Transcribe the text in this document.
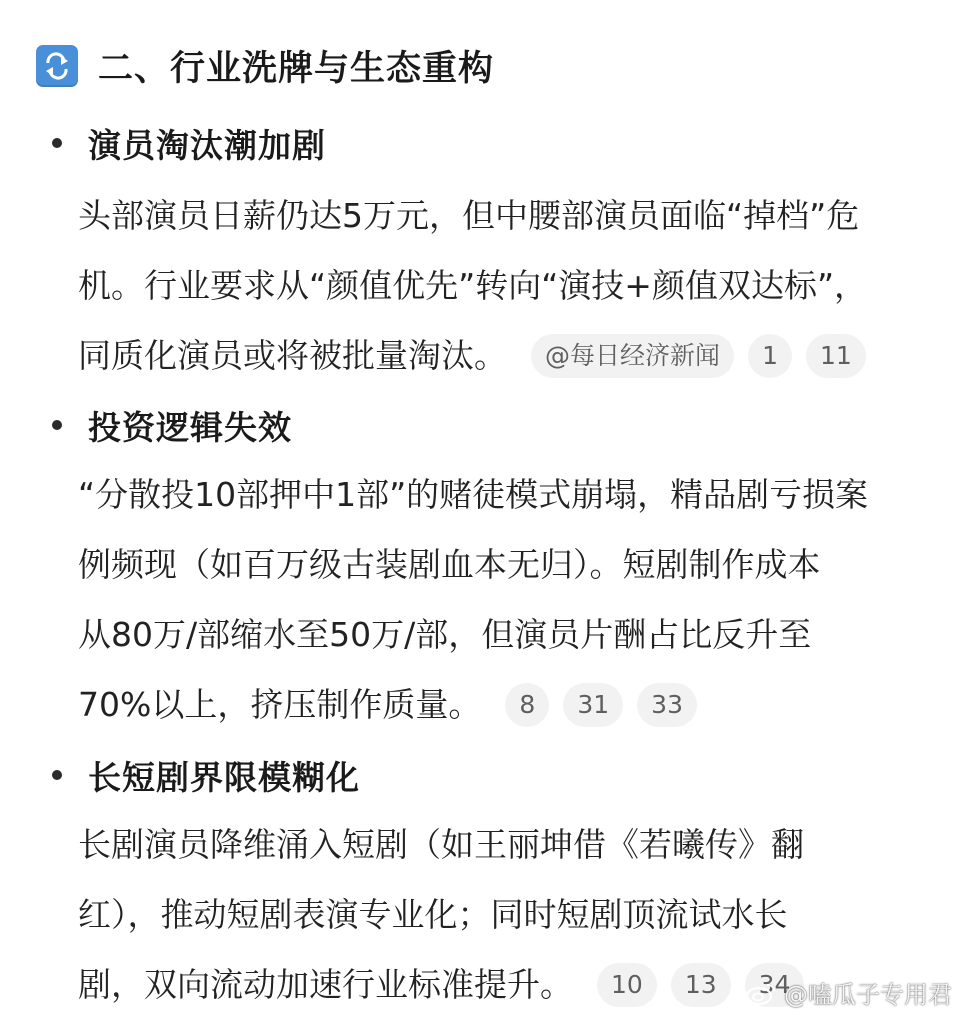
二、行业洗牌与生态重构
演员淘汰潮加剧
头部演员日薪仍达5万元，但中腰部演员面临“掉档”危
机。行业要求从“颜值优先”转向“演技+颜值双达标”，
同质化演员或将被批量淘汰。	@每日经济新闻	1	11
投资逻辑失效
“分散投10部押中1部”的赌徒模式崩塌，精品剧亏损案
例频现（如百万级古装剧血本无归）。短剧制作成本
从80万/部缩水至50万/部，但演员片酬占比反升至
70%以上，挤压制作质量。	8	31	33
长短剧界限模糊化
长剧演员降维涌入短剧（如王丽坤借《若曦传》翻
红），推动短剧表演专业化；同时短剧顶流试水长
剧，双向流动加速行业标准提升。	10	13	34
@嗑瓜子专用君
